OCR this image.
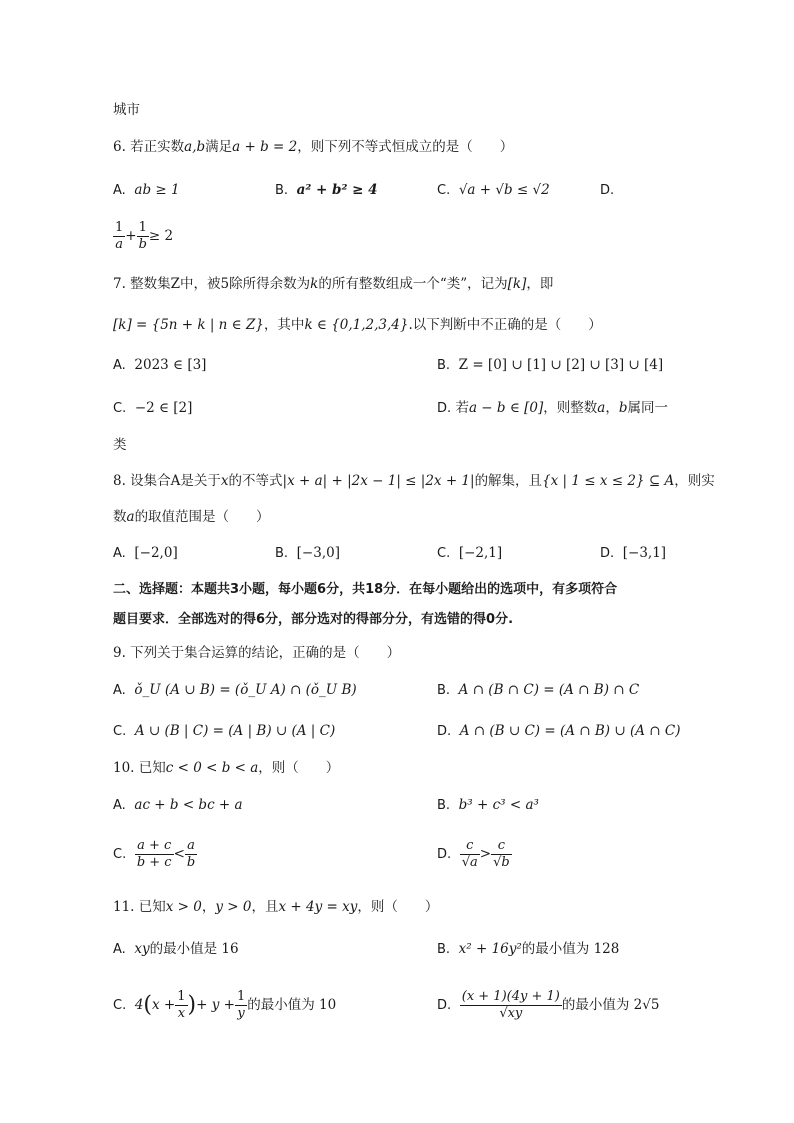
城市
6. 若正实数a,b满足a + b = 2，则下列不等式恒成立的是（　　）
A. ab ≥ 1	B. a² + b² ≥ 4	C. √a + √b ≤ √2	D.
$\frac{1}{a} + \frac{1}{b} \ge 2$
7. 整数集Z中，被5除所得余数为k的所有整数组成一个“类”，记为[k]，即
[k] = {5n + k | n ∈ Z}，其中k ∈ {0,1,2,3,4}.以下判断中不正确的是（　　）
A. 2023 ∈ [3]	B. Z = [0] ∪ [1] ∪ [2] ∪ [3] ∪ [4]
C. −2 ∈ [2]	D. 若a − b ∈ [0]，则整数a，b属同一
类
8. 设集合A是关于x的不等式|x + a| + |2x − 1| ≤ |2x + 1|的解集，且{x | 1 ≤ x ≤ 2} ⊆ A，则实
数a的取值范围是（　　）
A. [−2,0]	B. [−3,0]	C. [−2,1]	D. [−3,1]
二、选择题：本题共3小题，每小题6分，共18分．在每小题给出的选项中，有多项符合
题目要求．全部选对的得6分，部分选对的得部分分，有选错的得0分.
9. 下列关于集合运算的结论，正确的是（　　）
A. ǒ_U (A ∪ B) = (ǒ_U A) ∩ (ǒ_U B)	B. A ∩ (B ∩ C) = (A ∩ B) ∩ C
C. A ∪ (B | C) = (A | B) ∪ (A | C)	D. A ∩ (B ∪ C) = (A ∩ B) ∪ (A ∩ C)
10. 已知c < 0 < b < a，则（　　）
A. ac + b < bc + a	B. b³ + c³ < a³
C. $\frac{a + c}{b + c} < \frac{a}{b}$	D. $\frac{c}{√a} > \frac{c}{√b}$
11. 已知x > 0，y > 0，且x + 4y = xy，则（　　）
A. xy的最小值是 16	B. x² + 16y²的最小值为 128
C. $4(x + \frac{1}{x}$ )+ $y + \frac{1}{y}$ 的最小值为 10	D. $\frac{(x + 1)(4y + 1)}{√xy}$ 的最小值为 2√5
